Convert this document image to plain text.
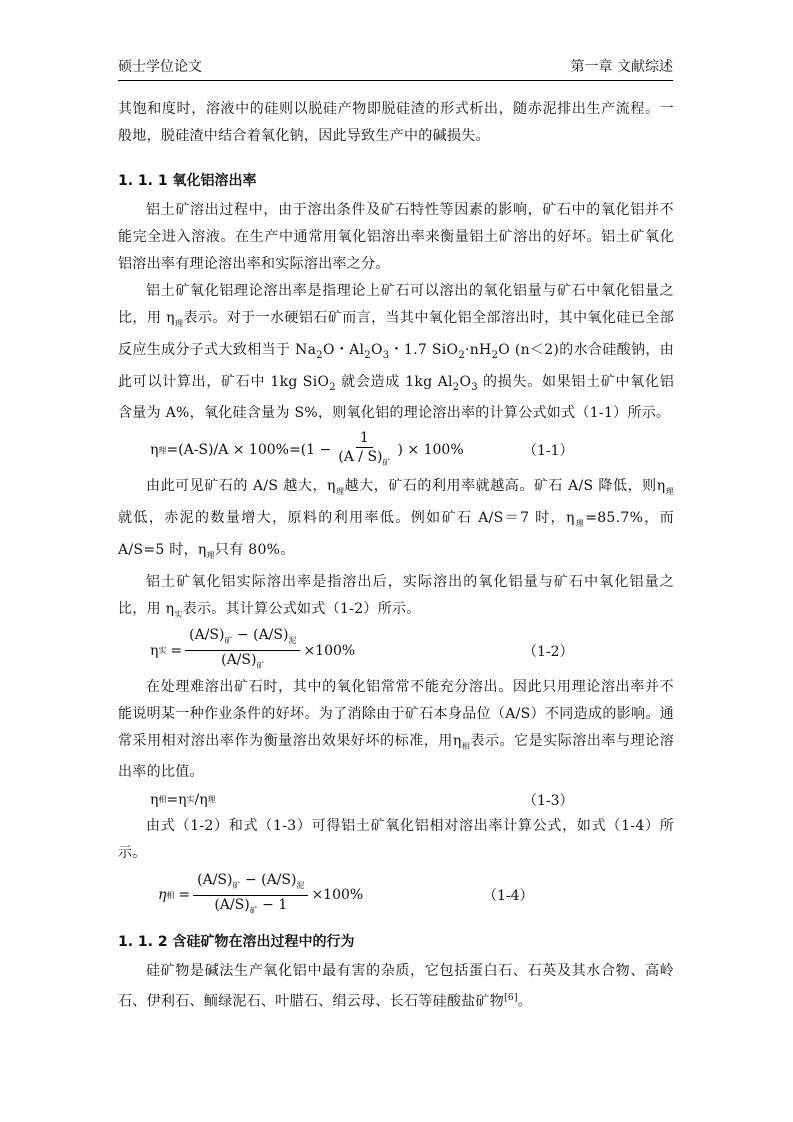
硕士学位论文	第一章 文献综述

其饱和度时，溶液中的硅则以脱硅产物即脱硅渣的形式析出，随赤泥排出生产流程。一般地，脱硅渣中结合着氧化钠，因此导致生产中的碱损失。

1. 1. 1 氧化铝溶出率

铝土矿溶出过程中，由于溶出条件及矿石特性等因素的影响，矿石中的氧化铝并不能完全进入溶液。在生产中通常用氧化铝溶出率来衡量铝土矿溶出的好坏。铝土矿氧化铝溶出率有理论溶出率和实际溶出率之分。

铝土矿氧化铝理论溶出率是指理论上矿石可以溶出的氧化铝量与矿石中氧化铝量之比，用 $\eta_理$表示。对于一水硬铝石矿而言，当其中氧化铝全部溶出时，其中氧化硅已全部反应生成分子式大致相当于 $Na_2O$・$Al_2O_3$・1.7 $SiO_2\cdot nH_2O$ (n＜2)的水合硅酸钠，由此可以计算出，矿石中 1kg SiO$_2$ 就会造成 1kg $Al_2O_3$ 的损失。如果铝土矿中氧化铝含量为 A%，氧化硅含量为 S%，则氧化铝的理论溶出率的计算公式如式（1-1）所示。

η 理 $=(A-S)/A \times 100\%=(1 - \frac{1}{(A / S)_矿}$ ) × 100%	（1-1）

由此可见矿石的 A/S 越大，$\eta_理$越大，矿石的利用率就越高。矿石 A/S 降低，则$\eta_理$就低，赤泥的数量增大，原料的利用率低。例如矿石 A/S＝7 时，$\eta_理=85.7\%$，而 A/S=5 时，$\eta_理$只有 80%。

铝土矿氧化铝实际溶出率是指溶出后，实际溶出的氧化铝量与矿石中氧化铝量之比，用 $\eta_实$表示。其计算公式如式（1-2）所示。

η 实 = $\frac{(A/S)_矿 - (A/S)_泥}{(A/S)_矿} \times 100\%$	（1-2）

在处理难溶出矿石时，其中的氧化铝常常不能充分溶出。因此只用理论溶出率并不能说明某一种作业条件的好坏。为了消除由于矿石本身品位（A/S）不同造成的影响。通常采用相对溶出率作为衡量溶出效果好坏的标准，用$\eta_相$表示。它是实际溶出率与理论溶出率的比值。

η 相 =η 实 /η 理	（1-3）

由式（1-2）和式（1-3）可得铝土矿氧化铝相对溶出率计算公式，如式（1-4）所示。

η 相 = $\frac{(A/S)_矿 - (A/S)_泥}{(A/S)_矿 - 1} \times 100\%$	（1-4）
1. 1. 2 含硅矿物在溶出过程中的行为

硅矿物是碱法生产氧化铝中最有害的杂质，它包括蛋白石、石英及其水合物、高岭石、伊利石、鲕绿泥石、叶腊石、绢云母、长石等硅酸盐矿物[6]。
